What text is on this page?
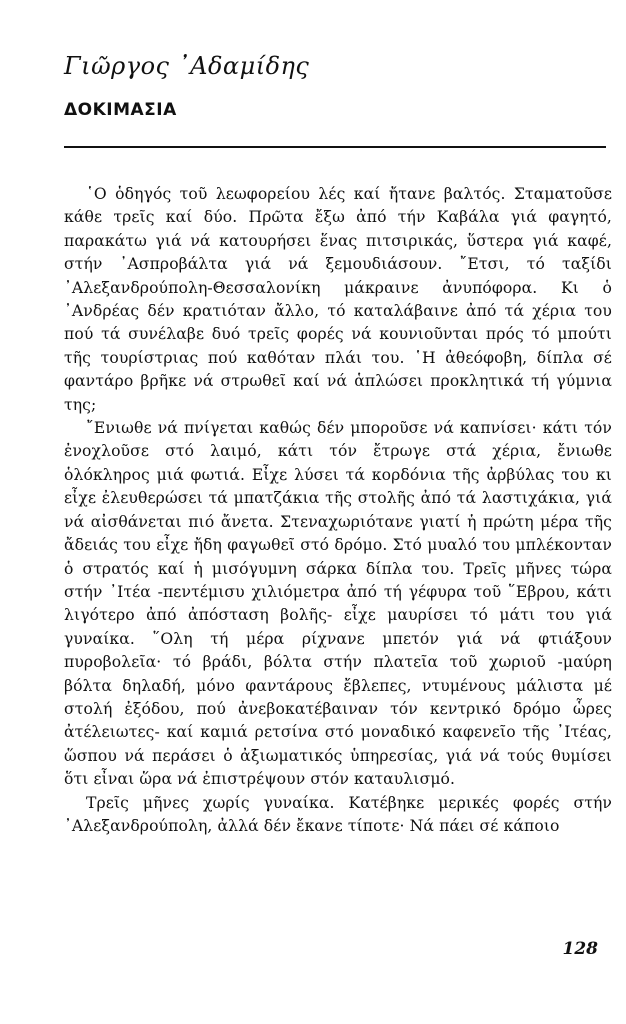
Γιῶργος ᾿Αδαμίδης
ΔΟΚΙΜΑΣΙΑ

῾Ο ὁδηγός τοῦ λεωφορείου λές καί ἤτανε βαλτός. Σταματοῦσε κάθε τρεῖς καί δύο. Πρῶτα ἔξω ἀπό τήν Καβάλα γιά φαγητό, παρακάτω γιά νά κατουρήσει ἕνας πιτσιρικάς, ὕστερα γιά καφέ, στήν ᾿Ασπροβάλτα γιά νά ξεμουδιάσουν. ῎Ετσι, τό ταξίδι ᾿Αλεξανδρούπολη-Θεσσαλονίκη μάκραινε ἀνυπόφορα. Κι ὁ ᾿Ανδρέας δέν κρατιόταν ἄλλο, τό καταλάβαινε ἀπό τά χέρια του πού τά συνέλαβε δυό τρεῖς φορές νά κουνιοῦνται πρός τό μπούτι τῆς τουρίστριας πού καθόταν πλάι του. ῾Η ἀθεόφοβη, δίπλα σέ φαντάρο βρῆκε νά στρωθεῖ καί νά ἁπλώσει προκλητικά τή γύμνια της;

῎Ενιωθε νά πνίγεται καθώς δέν μποροῦσε νά καπνίσει· κάτι τόν ἐνοχλοῦσε στό λαιμό, κάτι τόν ἔτρωγε στά χέρια, ἔνιωθε ὁλόκληρος μιά φωτιά. Εἶχε λύσει τά κορδόνια τῆς ἀρβύλας του κι εἶχε ἐλευθερώσει τά μπατζάκια τῆς στολῆς ἀπό τά λαστιχάκια, γιά νά αἰσθάνεται πιό ἄνετα. Στεναχωριότανε γιατί ἡ πρώτη μέρα τῆς ἄδειάς του εἶχε ἤδη φαγωθεῖ στό δρόμο. Στό μυαλό του μπλέκονταν ὁ στρατός καί ἡ μισόγυμνη σάρκα δίπλα του. Τρεῖς μῆνες τώρα στήν ᾿Ιτέα -πεντέμισυ χιλιόμετρα ἀπό τή γέφυρα τοῦ ῞Εβρου, κάτι λιγότερο ἀπό ἀπόσταση βολῆς- εἶχε μαυρίσει τό μάτι του γιά γυναίκα. ῞Ολη τή μέρα ρίχνανε μπετόν γιά νά φτιάξουν πυροβολεῖα· τό βράδι, βόλτα στήν πλατεῖα τοῦ χωριοῦ -μαύρη βόλτα δηλαδή, μόνο φαντάρους ἔβλεπες, ντυμένους μάλιστα μέ στολή ἐξόδου, πού ἀνεβοκατέβαιναν τόν κεντρικό δρόμο ὧρες ἀτέλειωτες- καί καμιά ρετσίνα στό μοναδικό καφενεῖο τῆς ᾿Ιτέας, ὥσπου νά περάσει ὁ ἀξιωματικός ὑπηρεσίας, γιά νά τούς θυμίσει ὅτι εἶναι ὥρα νά ἐπιστρέψουν στόν καταυλισμό.

Τρεῖς μῆνες χωρίς γυναίκα. Κατέβηκε μερικές φορές στήν ᾿Αλεξανδρούπολη, ἀλλά δέν ἔκανε τίποτε· Νά πάει σέ κάποιο

128
